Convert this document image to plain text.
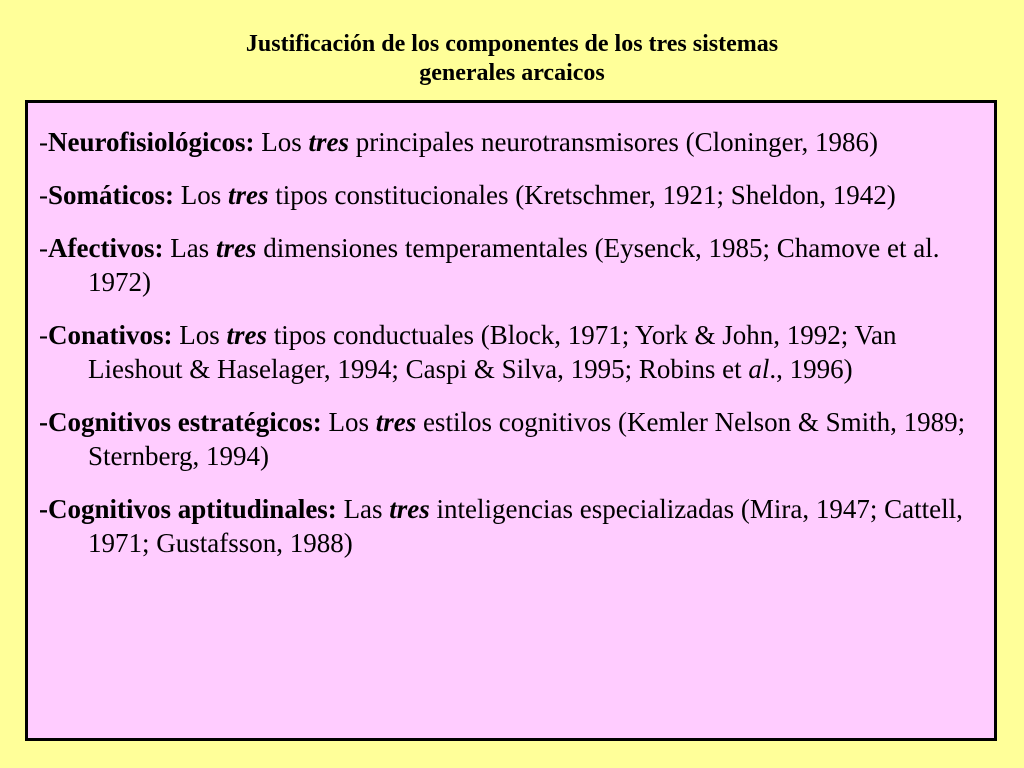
Justificación de los componentes de los tres sistemas
generales arcaicos

-Neurofisiológicos: Los tres principales neurotransmisores (Cloninger, 1986)

-Somáticos: Los tres tipos constitucionales (Kretschmer, 1921; Sheldon, 1942)

-Afectivos: Las tres dimensiones temperamentales (Eysenck, 1985; Chamove et al. 1972)

-Conativos: Los tres tipos conductuales (Block, 1971; York & John, 1992; Van Lieshout & Haselager, 1994; Caspi & Silva, 1995; Robins et al., 1996)

-Cognitivos estratégicos: Los tres estilos cognitivos (Kemler Nelson & Smith, 1989; Sternberg, 1994)

-Cognitivos aptitudinales: Las tres inteligencias especializadas (Mira, 1947; Cattell, 1971; Gustafsson, 1988)
